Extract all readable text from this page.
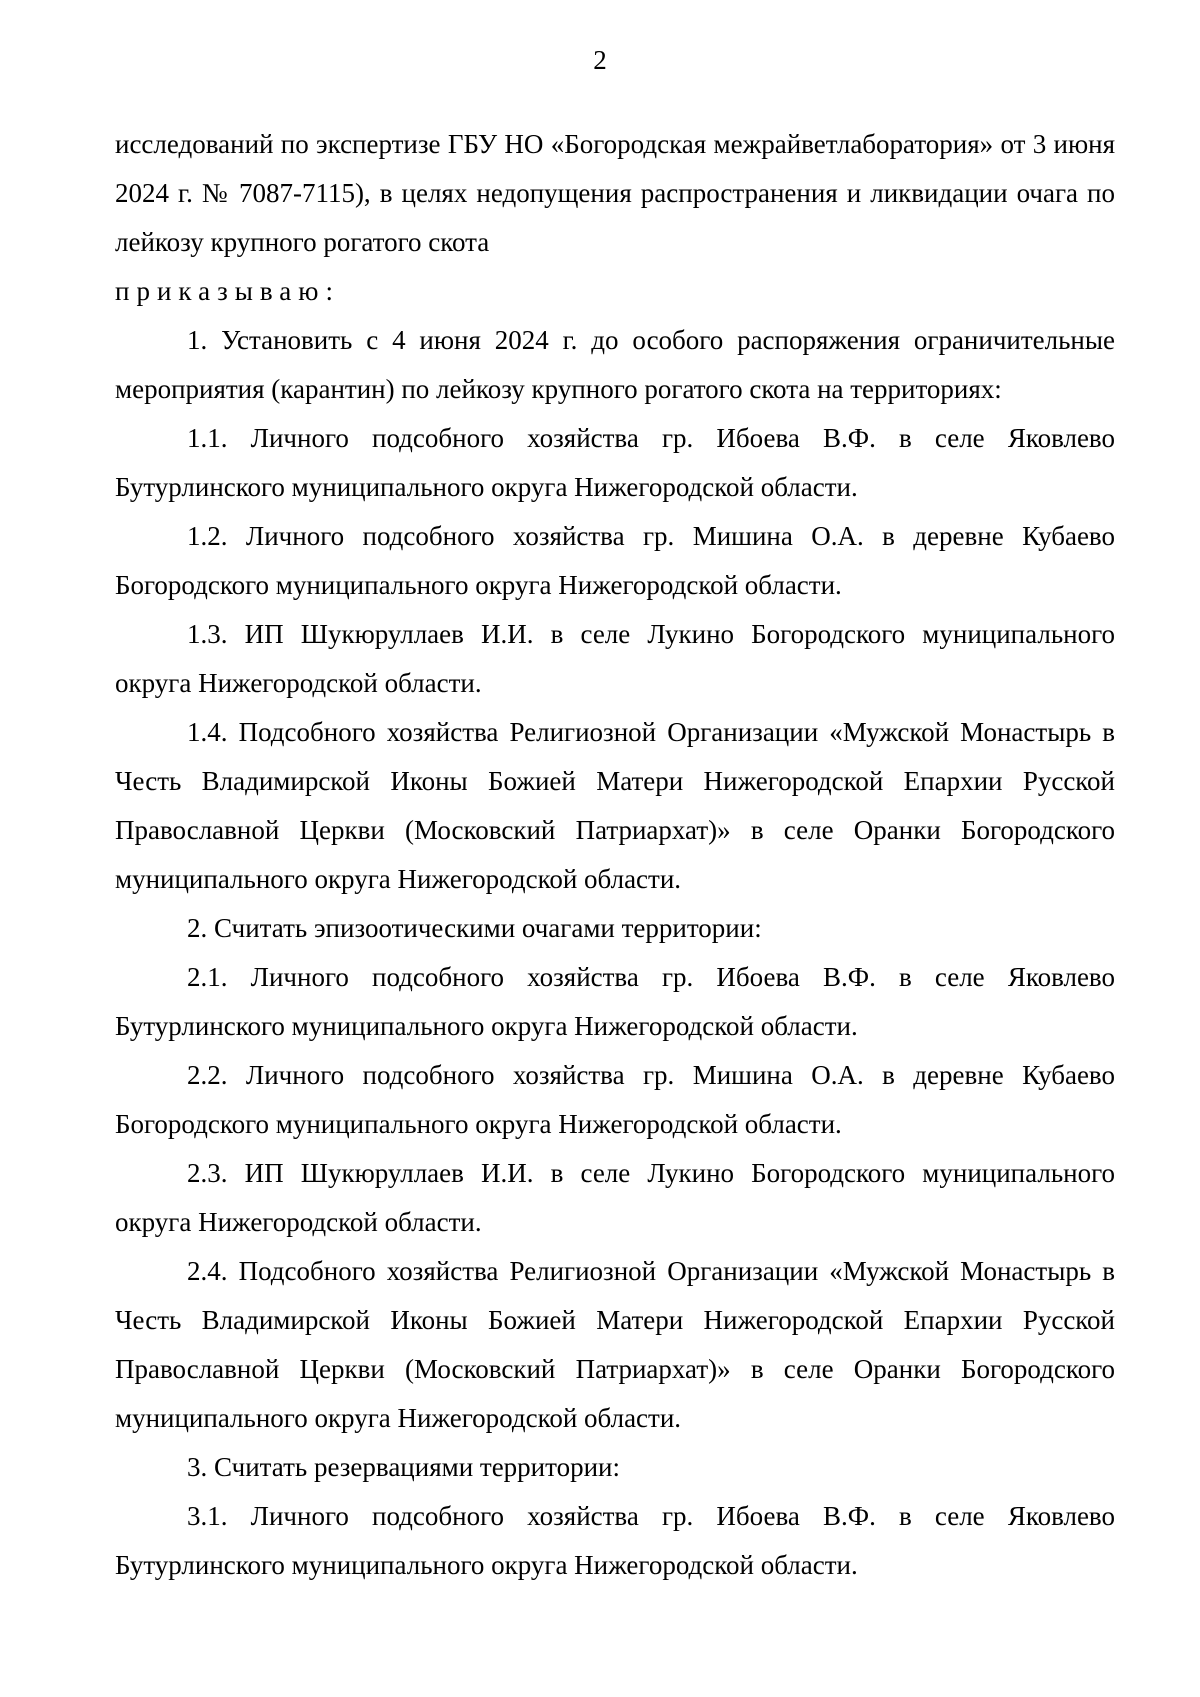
2

исследований по экспертизе ГБУ НО «Богородская межрайветлаборатория» от 3 июня 2024 г. № 7087-7115), в целях недопущения распространения и ликвидации очага по лейкозу крупного рогатого скота

приказываю:

1. Установить с 4 июня 2024 г. до особого распоряжения ограничительные мероприятия (карантин) по лейкозу крупного рогатого скота на территориях:

1.1. Личного подсобного хозяйства гр. Ибоева В.Ф. в селе Яковлево Бутурлинского муниципального округа Нижегородской области.

1.2. Личного подсобного хозяйства гр. Мишина О.А. в деревне Кубаево Богородского муниципального округа Нижегородской области.

1.3. ИП Шукюруллаев И.И. в селе Лукино Богородского муниципального округа Нижегородской области.

1.4. Подсобного хозяйства Религиозной Организации «Мужской Монастырь в Честь Владимирской Иконы Божией Матери Нижегородской Епархии Русской Православной Церкви (Московский Патриархат)» в селе Оранки Богородского муниципального округа Нижегородской области.

2. Считать эпизоотическими очагами территории:

2.1. Личного подсобного хозяйства гр. Ибоева В.Ф. в селе Яковлево Бутурлинского муниципального округа Нижегородской области.

2.2. Личного подсобного хозяйства гр. Мишина О.А. в деревне Кубаево Богородского муниципального округа Нижегородской области.

2.3. ИП Шукюруллаев И.И. в селе Лукино Богородского муниципального округа Нижегородской области.

2.4. Подсобного хозяйства Религиозной Организации «Мужской Монастырь в Честь Владимирской Иконы Божией Матери Нижегородской Епархии Русской Православной Церкви (Московский Патриархат)» в селе Оранки Богородского муниципального округа Нижегородской области.

3. Считать резервациями территории:

3.1. Личного подсобного хозяйства гр. Ибоева В.Ф. в селе Яковлево Бутурлинского муниципального округа Нижегородской области.
